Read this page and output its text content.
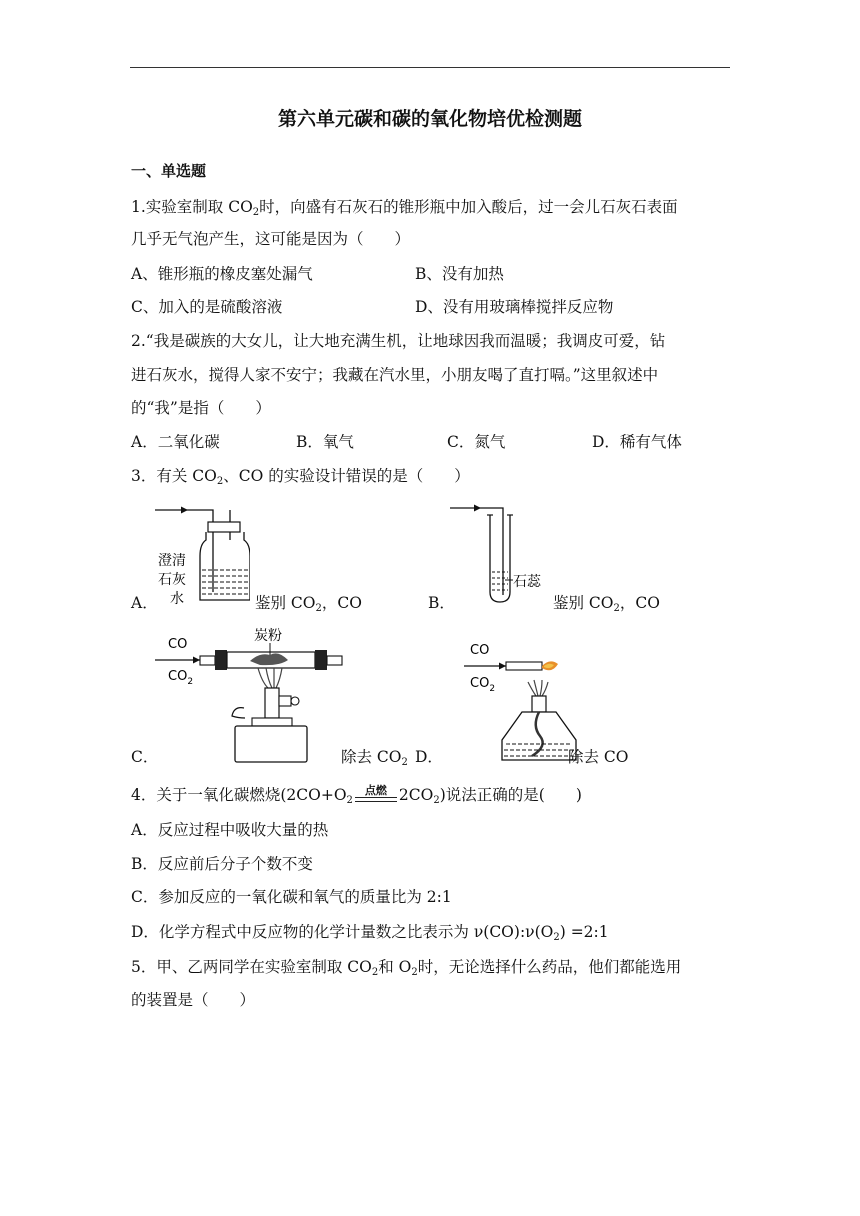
第六单元碳和碳的氧化物培优检测题
一、单选题
1.实验室制取 $CO_2$时，向盛有石灰石的锥形瓶中加入酸后，过一会儿石灰石表面
几乎无气泡产生，这可能是因为（　　）
A、锥形瓶的橡皮塞处漏气	B、没有加热
C、加入的是硫酸溶液	D、没有用玻璃棒搅拌反应物
2.“我是碳族的大女儿，让大地充满生机，让地球因我而温暖；我调皮可爱，钻
进石灰水，搅得人家不安宁；我藏在汽水里，小朋友喝了直打嗝。”这里叙述中
的“我”是指（　　）
A．二氧化碳	B．氧气	C．氮气	D．稀有气体
3．有关 $CO_2$、CO 的实验设计错误的是（　　）
澄清
石灰
水
A．	鉴别 $CO_2$，CO
石蕊
B．	鉴别 $CO_2$，CO
CO
$CO_2$
炭粉
C．	除去 $CO_2$
CO
$CO_2$
D．	除去 CO
4．关于一氧化碳燃烧($2CO+O_2$
点燃 $2CO_2$)说法正确的是(　　)
A．反应过程中吸收大量的热
B．反应前后分子个数不变
C．参加反应的一氧化碳和氧气的质量比为 2:1
D．化学方程式中反应物的化学计量数之比表示为 $\nu(CO):\nu(O_2)$ =2:1
5．甲、乙两同学在实验室制取 $CO_2$和 $O_2$时，无论选择什么药品，他们都能选用
的装置是（　　）
